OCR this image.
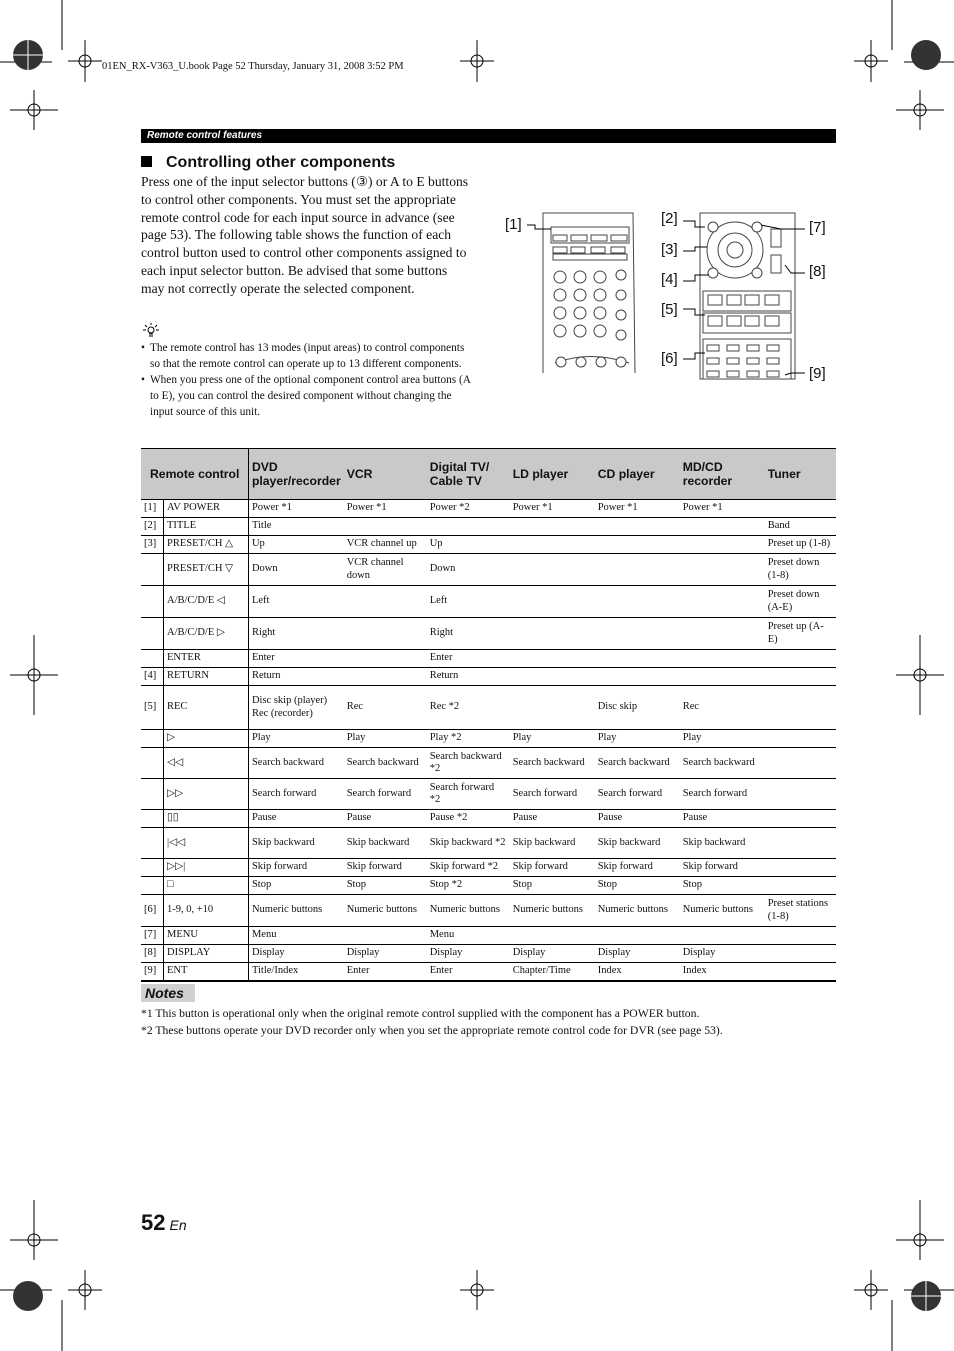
01EN_RX-V363_U.book Page 52 Thursday, January 31, 2008 3:52 PM
Remote control features
Controlling other components
Press one of the input selector buttons (③) or A to E buttons to control other components. You must set the appropriate remote control code for each input source in advance (see page 53). The following table shows the function of each control button used to control other components assigned to each input selector button. Be advised that some buttons may not correctly operate the selected component.
• The remote control has 13 modes (input areas) to control components so that the remote control can operate up to 13 different components.
• When you press one of the optional component control area buttons (A to E), you can control the desired component without changing the input source of this unit.
[1]	[2]
[3]
[4]
[5]
[6]
[7]
[8]
[9]
Remote control		DVD player/recorder	VCR	Digital TV/ Cable TV	LD player	CD player	MD/CD recorder	Tuner
[1]	AV POWER	Power *1	Power *1	Power *2	Power *1	Power *1	Power *1	
[2]	TITLE	Title						Band
[3]	PRESET/CH △	Up	VCR channel up	Up				Preset up (1-8)
	PRESET/CH ▽	Down	VCR channel down	Down				Preset down (1-8)
	A/B/C/D/E ◁	Left		Left				Preset down (A-E)
	A/B/C/D/E ▷	Right		Right				Preset up (A-E)
	ENTER	Enter		Enter				
[4]	RETURN	Return		Return				
[5]	REC	Disc skip (player) Rec (recorder)	Rec	Rec *2		Disc skip	Rec	
	▷	Play	Play	Play *2	Play	Play	Play	
	◁◁	Search backward	Search backward	Search backward *2	Search backward	Search backward	Search backward	
	▷▷	Search forward	Search forward	Search forward *2	Search forward	Search forward	Search forward	
	▯▯	Pause	Pause	Pause *2	Pause	Pause	Pause	
	|◁◁	Skip backward	Skip backward	Skip backward *2	Skip backward	Skip backward	Skip backward	
	▷▷|	Skip forward	Skip forward	Skip forward *2	Skip forward	Skip forward	Skip forward	
	□	Stop	Stop	Stop *2	Stop	Stop	Stop	
[6]	1-9, 0, +10	Numeric buttons	Numeric buttons	Numeric buttons	Numeric buttons	Numeric buttons	Numeric buttons	Preset stations (1-8)
[7]	MENU	Menu		Menu				
[8]	DISPLAY	Display	Display	Display	Display	Display	Display	
[9]	ENT	Title/Index	Enter	Enter	Chapter/Time	Index	Index	
Notes
*1 This button is operational only when the original remote control supplied with the component has a POWER button.
*2 These buttons operate your DVD recorder only when you set the appropriate remote control code for DVR (see page 53).
52 En
